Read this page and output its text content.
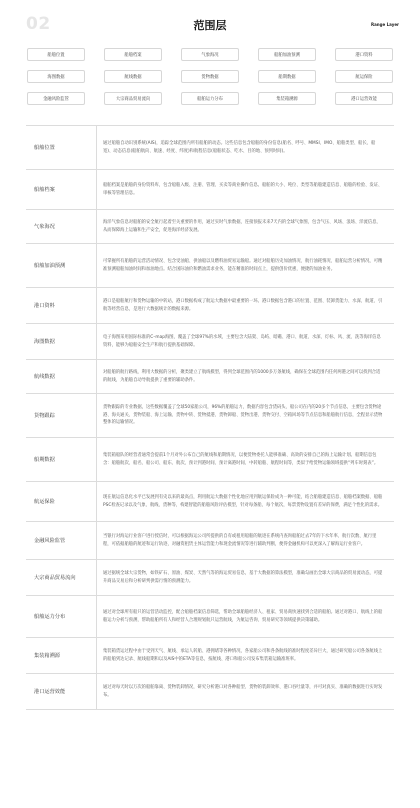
02	范围层	Range Layer
船舶位置	船舶档案	气象海况	船舶加油预测	港口资料
海图数据	航线数据	货物数据	船期数据	航运保险
金融风险监管	大宗商品贸易流向	船舶运力分布	集装箱溯源	港口运营效能
船舶位置
通过船舶自动识别系统(AIS)，追踪全球范围内所有船舶的动态。这些信息包含船舶的身份信息(船名、呼号、MMSI、IMO、船舶类型、船长、船宽)、动态信息(船舶航向、航速、经度、纬度)和航程信息(船舶状态、吃水、目的地、预到时间)。
船舶档案
船舶档案是船舶的身份资料库，包含船舶入级、注册、管理、买卖等商业操作信息。船舶的大小、吨位、类型等船舶建造信息、船舶的检验、发证、审核等管理信息。
气象海况
海洋气象信息对船舶的安全航行起着至关重要的作用，通过实时气象数据，连接预报未来7天内的全球气象图，包含气压、风场、浪场、洋流信息，从而保障海上运输和生产安全，促进海洋经济发展。
船舶加油预测
可掌握所有船舶的运营活动情况、包含受油船、供油船以及燃料油贸易运输船。通过对船舶历史加油情况、航行油耗情况、船舶运营分析情况，可精准预测船舶加油时间和加油地点。结合国际油价和燃油需求业务，能在精准的时间点上，提供创价优惠，便捷的加油业务。
港口资料
港口是船舶航行和货物运输的中转站，港口数据构成了航运大数据中最重要的一环。港口数据包含港口的位置、范围、装卸货能力、水深、航道、引航等经营信息，是进行大数据统计的数据来源。
海图数据
电子海图采用国际标准的C–map海图，覆盖了全球97%的水域，主要包含大陆架、岛屿、暗礁、港口、航道、水深、灯标、风、流、洗等海洋信息资料，能够为船舶安全生产和航行提供基础保障。
航线数据
对船舶的航行路线，利用大数据的分析，聚类建立了航线模型，得到全球范围内的1000多万条航线，确保在全球范围内任何两港之间可以找到合适的航线，为船舶自动导航提供了重要的辅助条件。
货物跟踪
货物跟踪的专业数据，这些数据覆盖了全球50家船公司，96%的船舶运力，数据内容包含货码头、船公司在内的20多个节点信息，主要包含货物途港、海关通关、货物装船、海上运输、货物中转、货物抵港、货物卸船、货物出港、货物交付、空箱回场等节点信息和船舶航行信息，全程显示货物整体的运输情况。
船期数据
集装箱船队的经营者通常会提前1个月对外公布自己的航线和船期情况，以便货物委托人能够准确、高效的安排自己的海上运输计划。船期信息包含：船舶航次、船名、船公司、船东、航次、预计到港时间、预计离港时间、中转船舶、航程时间等，类似于给货物运输领域提供“列车时刻表”。
航运保险
现在航运信息化水平已发展到有史以来的最高点，利用航运大数据个性化地应用到航运保险成为一种可能，结合船舶建造信息、船舶档案数据、船舶PSC检查记录以及气象、航线、货种等，构建智能的船舶风险评估模型，针对每条船、每个航次，每票货物设置有差异的保费，满足个性化的需求。
金融风险监管
当银行对海运行业客户进行授信时，可以根据海运公司所提供的自有或租用船舶的航迹在系统内查询船舶过去7年的下水年率、航行次数、航行里程，可依据船舶的航迹和运行轨迹，对融资租赁主体运营能力和现金流情况等进行辅助判断，便得金融机构可以更深入了解海运行业客户。
大宗商品贸易流向
通过据统全球大宗货物，如铁矿石、原油、煤炭、天然气等的海运贸易信息，基于大数据的算法模型，准确勾画出全球大宗商品的贸易流动态，可提升商品交易后和分析研判供需行情的预测能力。
船舶运力分布
通过对全球所有船只的运营活动监控，配合船舶档案信息筛选，帮助全球船舶经济人、租家、贸易商快速找到合适的船舶。通过对港口、航线上的船舶运力分析与预测，帮助船舶所有人和经营人合理规划航只运营航线，为航运咨询、贸易研究等领域提供决策辅助。
集装箱溯源
集装箱货运过程中由于受到天气、航线、承运人转船、港拥堵等各种情况，各家船公司和各条航线的准时程度差异巨大，通过研究船公司各条航线上的船舶到达记录、航线船期和以及AIS中的ETA等信息，按航线、港口和船公司发布集装箱运输准班率。
港口运营效能
通过对每天时以万次的船舶靠离、货物装卸情况，研究分析港口对各种船型、货物的装卸效率、港口吞吐量等，并可对真实、准确的数据进行实时发布。
